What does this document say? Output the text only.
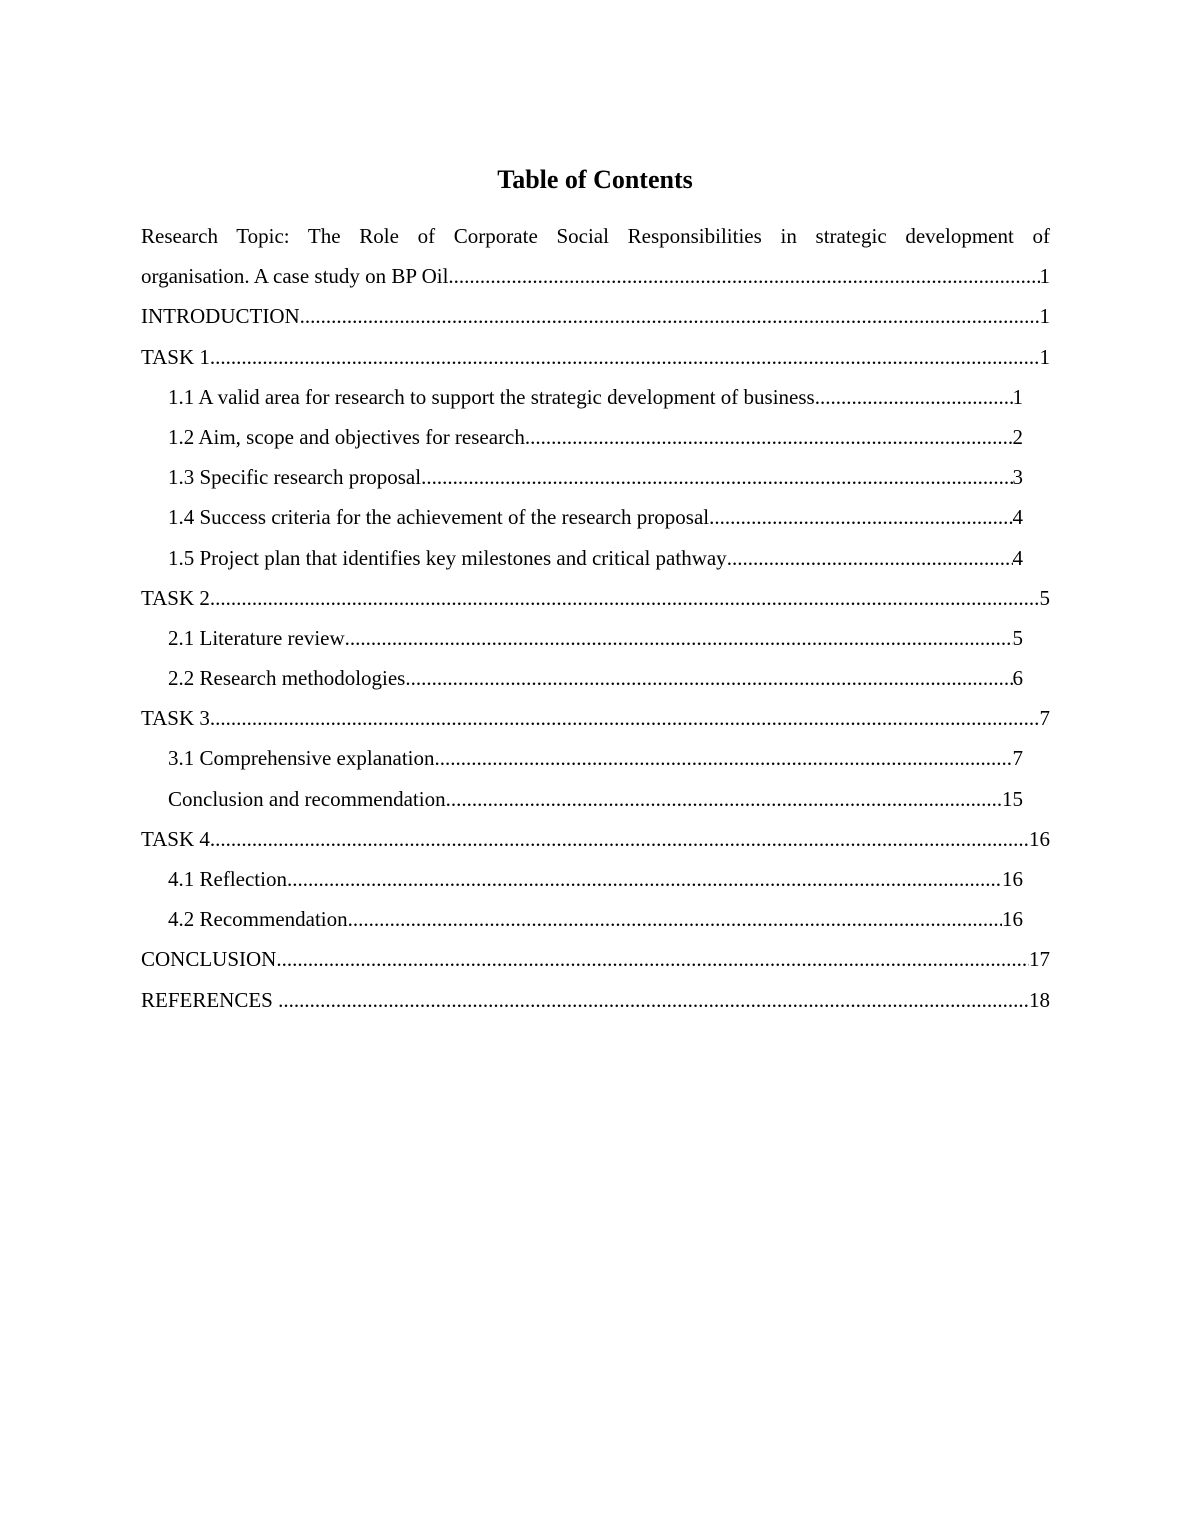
Table of Contents
Research Topic: The Role of Corporate Social Responsibilities in strategic development of
organisation. A case study on BP Oil. .....	1
INTRODUCTION .....	1
TASK 1 .....	1
1.1 A valid area for research to support the strategic development of business .....	1
1.2 Aim, scope and objectives for research .....	2
1.3 Specific research proposal .....	3
1.4 Success criteria for the achievement of the research proposal .....	4
1.5 Project plan that identifies key milestones and critical pathway .....	4
TASK 2 .....	5
2.1 Literature review .....	5
2.2 Research methodologies .....	6
TASK 3 .....	7
3.1 Comprehensive explanation .....	7
Conclusion and recommendation .....	15
TASK 4 .....	16
4.1 Reflection .....	16
4.2 Recommendation .....	16
CONCLUSION .....	17
REFERENCES .....	18
